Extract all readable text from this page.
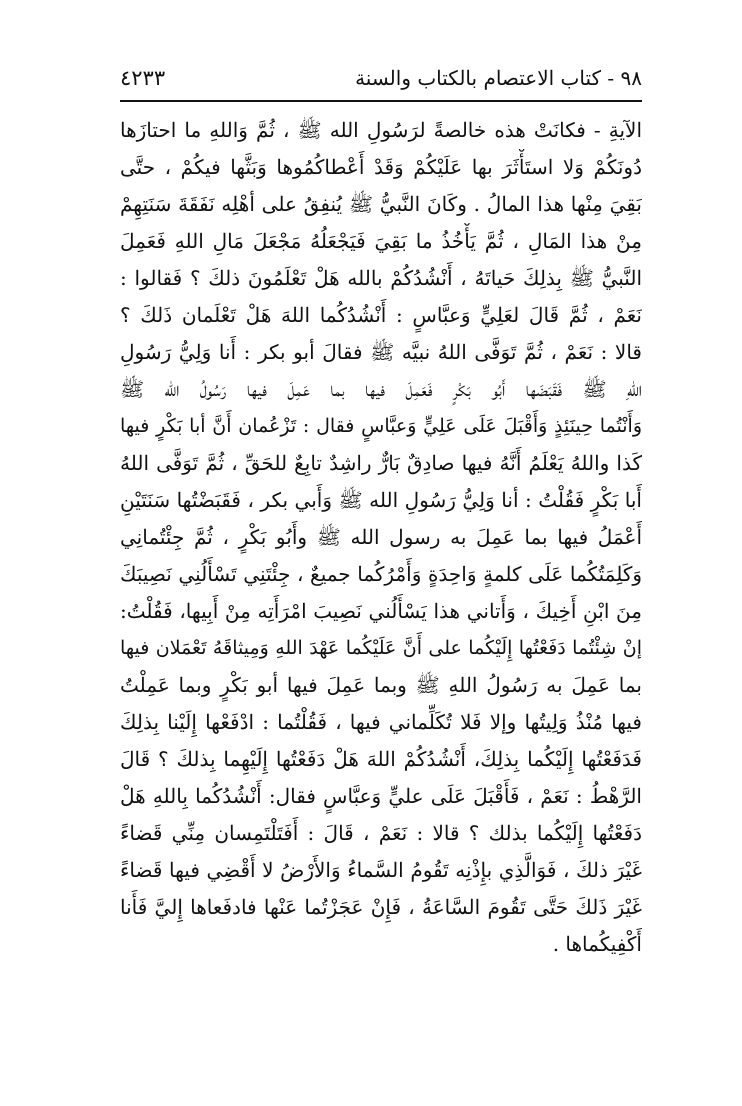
٩٨ - كتاب الاعتصام بالكتاب والسنة
٤٢٣٣
الآيةِ - فكانَتْ هذه خالصةً لرَسُولِ الله ﷺ ، ثُمَّ وَاللهِ ما احتازَها
دُونَكُمْ وَلا استَأْثَرَ بها عَلَيْكُمْ وَقَدْ أَعْطاكُمُوها وَبَثَّها فيكُمْ ، حتَّى
بَقِيَ مِنْها هذا المالُ . وكَانَ النَّبيُّ ﷺ يُنفِقُ على أهْلِه نَفَقَةَ سَنَتِهِمْ
مِنْ هذا المَالِ ، ثُمَّ يَأْخُذُ ما بَقِيَ فَيَجْعَلُهُ مَجْعَلَ مَالِ اللهِ فَعَمِلَ
النَّبيُّ ﷺ بِذلِكَ حَياتَهُ ، أَنْشُدُكُمْ بالله هَلْ تَعْلَمُونَ ذلكَ ؟ فَقالوا :
نَعَمْ ، ثُمَّ قَالَ لعَلِيٍّ وَعبَّاسٍ : أَنْشُدُكُما اللهَ هَلْ تَعْلَمان ذَلكَ ؟
قالا : نَعَمْ ، ثُمَّ تَوَفَّى اللهُ نبيَّه ﷺ فقالَ أبو بكر : أَنا وَلِيُّ رَسُولِ
اللهِ ﷺ فَقَبَضَها أَبُو بَكْرٍ فَعَمِلَ فيها بما عَمِلَ فيها رَسُولُ الله ﷺ
وَأَنْتُما حِينَئِذٍ وَأَقْبَلَ عَلَى عَلِيٍّ وَعبَّاسٍ فقال : تَزْعُمان أَنَّ أبا بَكْرٍ فيها
كَذا واللهُ يَعْلَمُ أَنَّهُ فيها صادِقٌ بَارٌّ راشِدٌ تابِعٌ للحَقِّ ، ثُمَّ تَوَفَّى اللهُ
أَبا بَكْرٍ فَقُلْتُ : أنا وَلِيُّ رَسُولِ الله ﷺ وَأَبي بكر ، فَقَبَضْتُها سَنَتَيْنِ
أَعْمَلُ فيها بما عَمِلَ به رسول الله ﷺ وأَبُو بَكْرٍ ، ثُمَّ جِئْتُمانِي
وَكَلِمَتُكُما عَلَى كلمةٍ وَاحِدَةٍ وَأَمْرُكُما جميعٌ ، جِئْتَنِي تَسْأَلُنِي نَصِيبَكَ
مِنَ ابْنِ أَخِيكَ ، وَأَتاني هذا يَسْأَلُني نَصِيبَ امْرَأَتِه مِنْ أَبِيها، فَقُلْتُ:
إنْ شِئْتُما دَفَعْتُها إِلَيْكُما على أَنَّ عَلَيْكُما عَهْدَ اللهِ وَمِيثاقَهُ تَعْمَلان فيها
بما عَمِلَ به رَسُولُ اللهِ ﷺ وبما عَمِلَ فيها أبو بَكْرٍ وبما عَمِلْتُ
فيها مُنْذُ وَلِيتُها وإلا فَلا تُكَلِّماني فيها ، فَقُلْتُما : ادْفَعْها إِلَيْنا بِذلِكَ
فَدَفَعْتُها إِلَيْكُما بِذلِكَ، أَنْشُدُكُمْ اللهَ هَلْ دَفَعْتُها إِلَيْهِما بِذلكَ ؟ قَالَ
الرَّهْطُ : نَعَمْ ، فَأَقْبَلَ عَلَى عليٍّ وَعبَّاسٍ فقال: أَنْشُدُكُما بِاللهِ هَلْ
دَفَعْتُها إِلَيْكُما بذلك ؟ قالا : نَعَمْ ، قَالَ : أَفَتَلْتَمِسان مِنِّي قَضاءً
غَيْرَ ذلكَ ، فَوَالَّذِي بإِذْنِه تَقُومُ السَّماءُ وَالأَرْضُ لا أَقْضِي فيها قَضاءً
غَيْرَ ذَلكَ حَتَّى تَقُومَ السَّاعَةُ ، فَإِنْ عَجَزْتُما عَنْها فادفَعاها إِليَّ فَأَنا
أَكْفِيكُماها .
